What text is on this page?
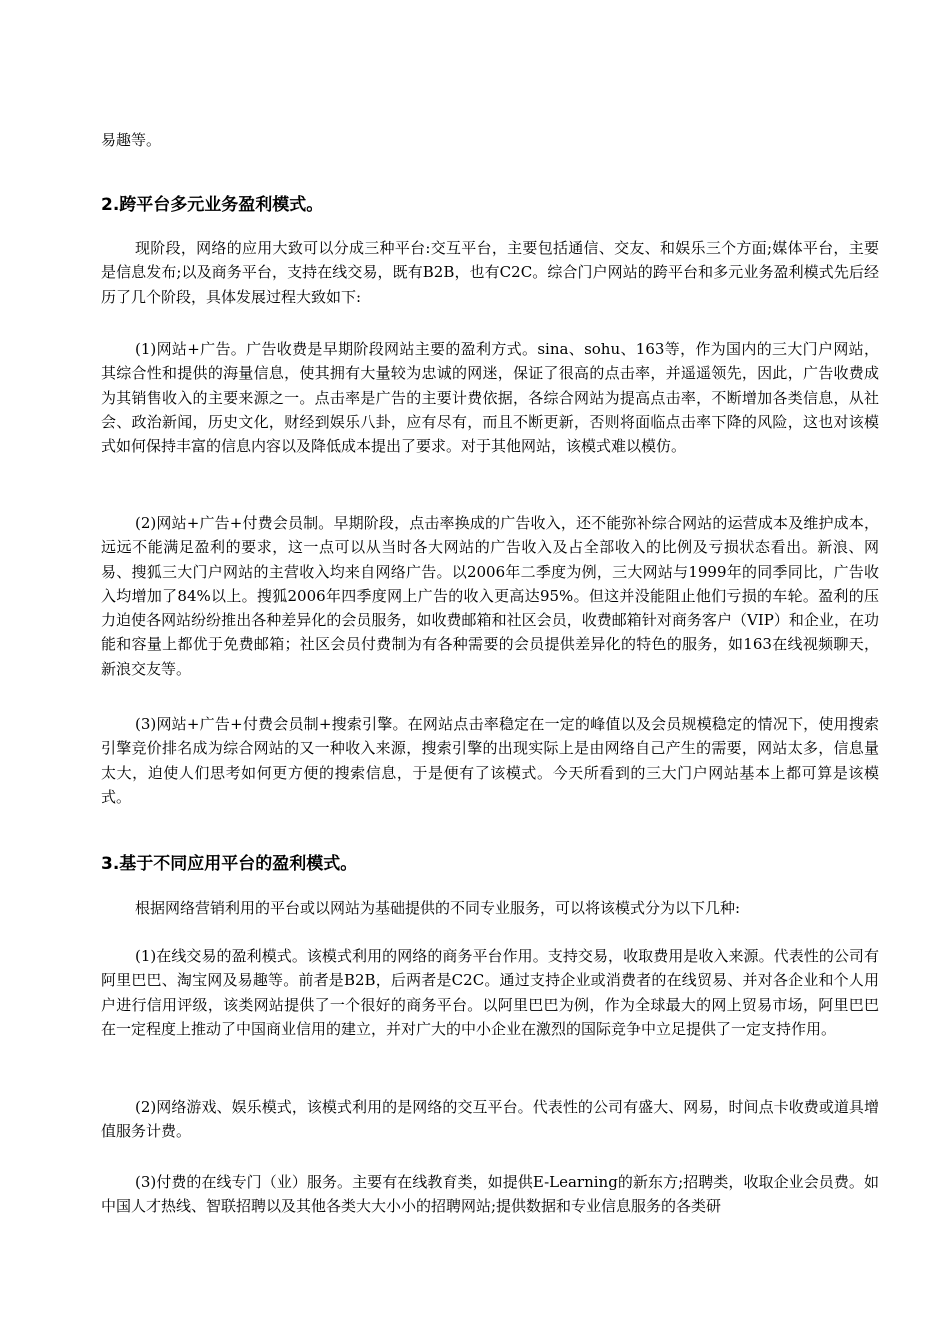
易趣等。

2.跨平台多元业务盈利模式。

现阶段，网络的应用大致可以分成三种平台:交互平台，主要包括通信、交友、和娱乐三个方面;媒体平台，主要是信息发布;以及商务平台，支持在线交易，既有B2B，也有C2C。综合门户网站的跨平台和多元业务盈利模式先后经历了几个阶段，具体发展过程大致如下:

(1)网站+广告。广告收费是早期阶段网站主要的盈利方式。sina、sohu、163等，作为国内的三大门户网站，其综合性和提供的海量信息，使其拥有大量较为忠诚的网迷，保证了很高的点击率，并遥遥领先，因此，广告收费成为其销售收入的主要来源之一。点击率是广告的主要计费依据，各综合网站为提高点击率，不断增加各类信息，从社会、政治新闻，历史文化，财经到娱乐八卦，应有尽有，而且不断更新，否则将面临点击率下降的风险，这也对该模式如何保持丰富的信息内容以及降低成本提出了要求。对于其他网站，该模式难以模仿。

(2)网站+广告+付费会员制。早期阶段，点击率换成的广告收入，还不能弥补综合网站的运营成本及维护成本，远远不能满足盈利的要求，这一点可以从当时各大网站的广告收入及占全部收入的比例及亏损状态看出。新浪、网易、搜狐三大门户网站的主营收入均来自网络广告。以2006年二季度为例，三大网站与1999年的同季同比，广告收入均增加了84%以上。搜狐2006年四季度网上广告的收入更高达95%。但这并没能阻止他们亏损的车轮。盈利的压力迫使各网站纷纷推出各种差异化的会员服务，如收费邮箱和社区会员，收费邮箱针对商务客户（VIP）和企业，在功能和容量上都优于免费邮箱；社区会员付费制为有各种需要的会员提供差异化的特色的服务，如163在线视频聊天，新浪交友等。

(3)网站+广告+付费会员制+搜索引擎。在网站点击率稳定在一定的峰值以及会员规模稳定的情况下，使用搜索引擎竞价排名成为综合网站的又一种收入来源，搜索引擎的出现实际上是由网络自己产生的需要，网站太多，信息量太大，迫使人们思考如何更方便的搜索信息，于是便有了该模式。今天所看到的三大门户网站基本上都可算是该模式。

3.基于不同应用平台的盈利模式。

根据网络营销利用的平台或以网站为基础提供的不同专业服务，可以将该模式分为以下几种:

(1)在线交易的盈利模式。该模式利用的网络的商务平台作用。支持交易，收取费用是收入来源。代表性的公司有阿里巴巴、淘宝网及易趣等。前者是B2B，后两者是C2C。通过支持企业或消费者的在线贸易、并对各企业和个人用户进行信用评级，该类网站提供了一个很好的商务平台。以阿里巴巴为例，作为全球最大的网上贸易市场，阿里巴巴在一定程度上推动了中国商业信用的建立，并对广大的中小企业在激烈的国际竞争中立足提供了一定支持作用。

(2)网络游戏、娱乐模式，该模式利用的是网络的交互平台。代表性的公司有盛大、网易，时间点卡收费或道具增值服务计费。

(3)付费的在线专门（业）服务。主要有在线教育类，如提供E-Learning的新东方;招聘类，收取企业会员费。如中国人才热线、智联招聘以及其他各类大大小小的招聘网站;提供数据和专业信息服务的各类研
